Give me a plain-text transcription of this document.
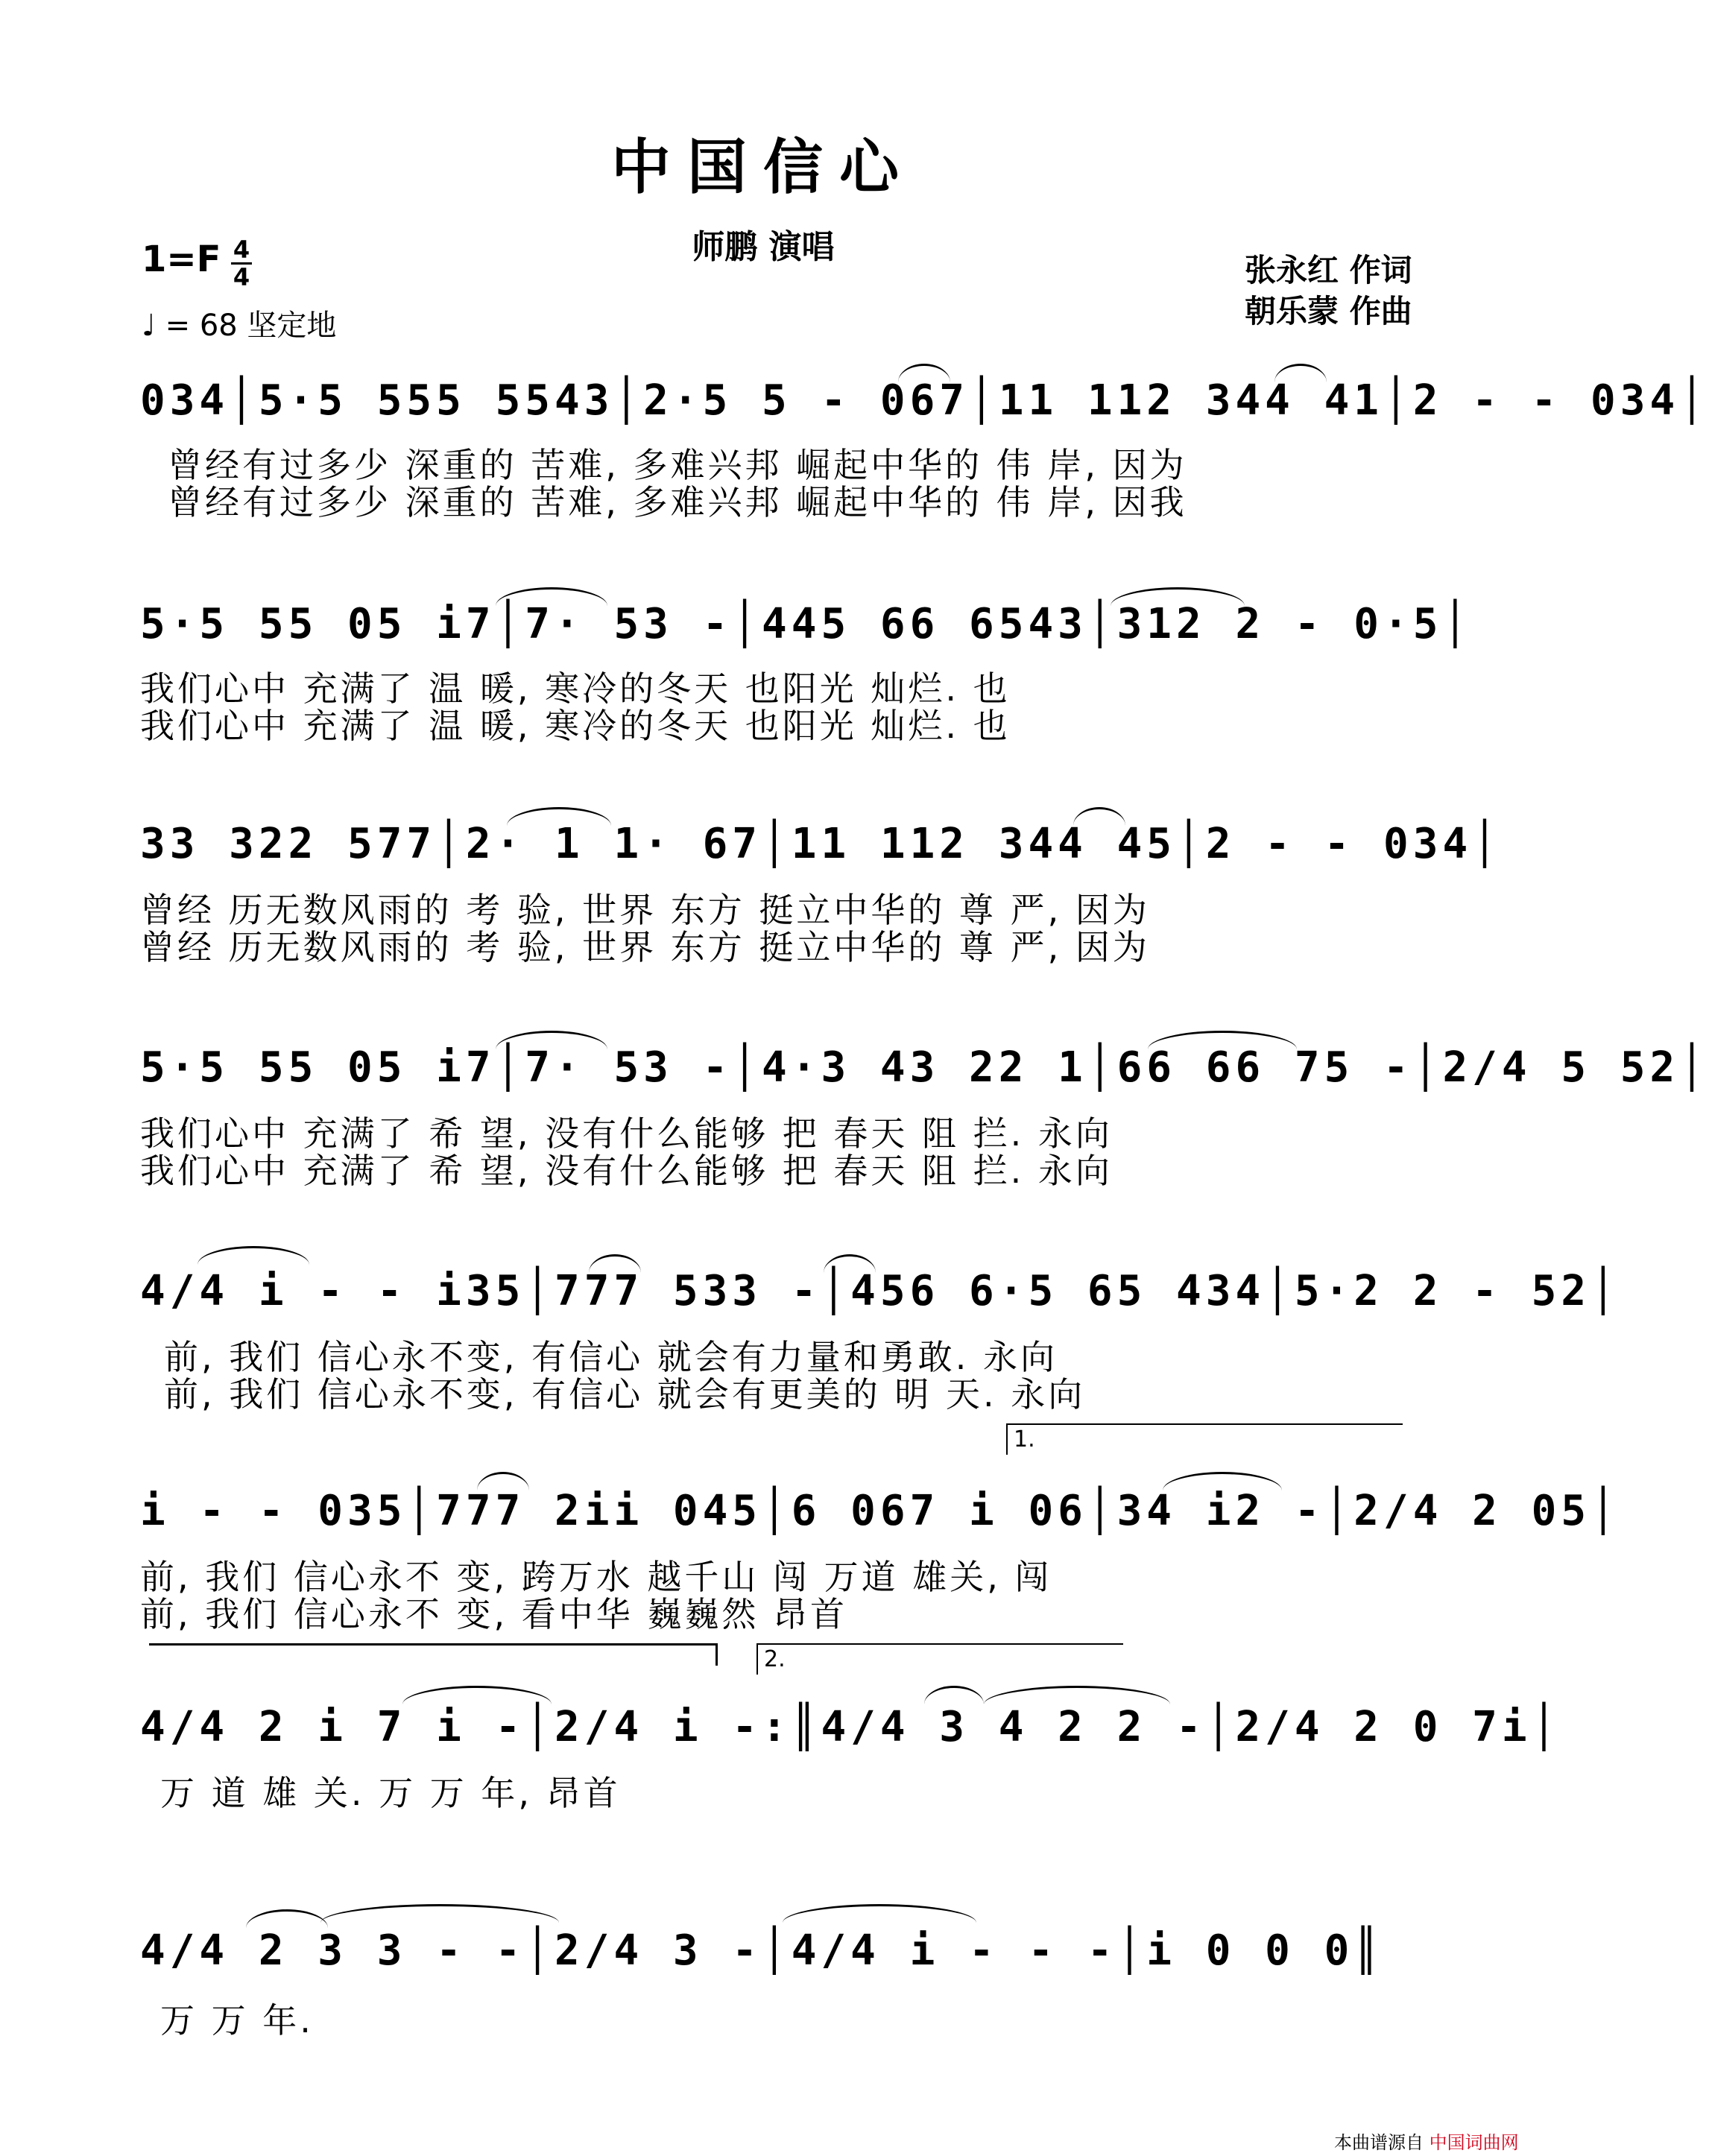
中国信心
师鹏 演唱
1=F 4
4
♩ = 68 坚定地
张永红 作词
朝乐蒙 作曲
034│5·5 555 5543│2·5 5 - 067│11 112 344 41│2 - - 034│
曾经有过多少 深重的 苦难, 多难兴邦 崛起中华的 伟 岸, 因为
曾经有过多少 深重的 苦难, 多难兴邦 崛起中华的 伟 岸, 因我
5·5 55 05 i7│7· 53 -│445 66 6543│312 2 - 0·5│
我们心中 充满了 温 暖, 寒冷的冬天 也阳光 灿烂. 也
我们心中 充满了 温 暖, 寒冷的冬天 也阳光 灿烂. 也
33 322 577│2· 1 1· 67│11 112 344 45│2 - - 034│
曾经 历无数风雨的 考 验, 世界 东方 挺立中华的 尊 严, 因为
曾经 历无数风雨的 考 验, 世界 东方 挺立中华的 尊 严, 因为
5·5 55 05 i7│7· 53 -│4·3 43 22 1│66 66 75 -│2/4 5 52│
我们心中 充满了 希 望, 没有什么能够 把 春天 阻 拦. 永向
我们心中 充满了 希 望, 没有什么能够 把 春天 阻 拦. 永向
4/4 i - - i35│777 533 -│456 6·5 65 434│5·2 2 - 52│
前, 我们 信心永不变, 有信心 就会有力量和勇敢. 永向
前, 我们 信心永不变, 有信心 就会有更美的 明 天. 永向
1.
i - - 035│777 2ii 045│6 067 i 06│34 i2 -│2/4 2 05│
前, 我们 信心永不 变, 跨万水 越千山 闯 万道 雄关, 闯
前, 我们 信心永不 变, 看中华 巍巍然 昂首
2.
4/4 2 i 7 i -│2/4 i -:║4/4 3 4 2 2 -│2/4 2 0 7i│
万 道 雄 关. 万 万 年, 昂首
4/4 2 3 3 - -│2/4 3 -│4/4 i - - -│i 0 0 0║
万 万 年.
本曲谱源自 中国词曲网
